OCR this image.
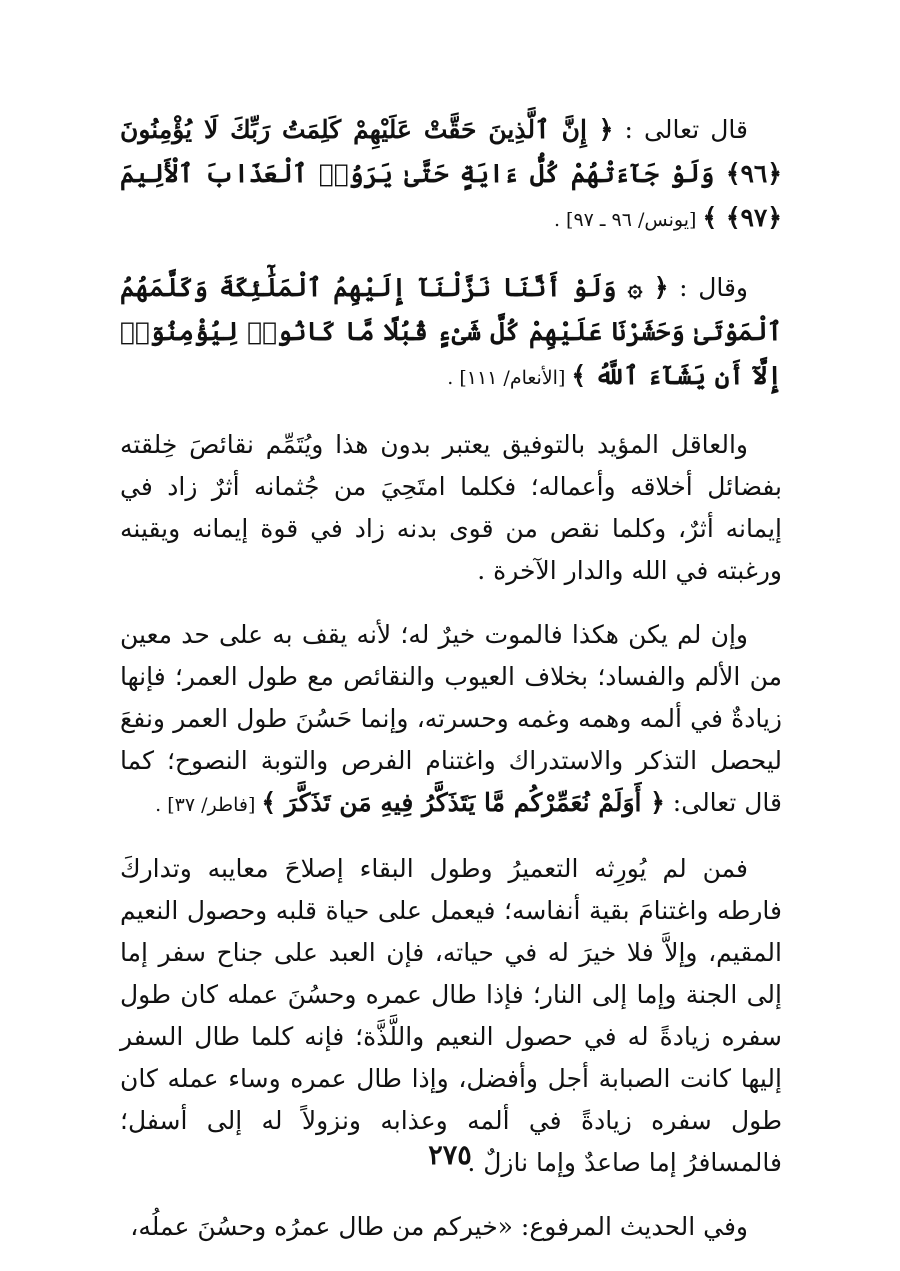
قال تعالى : ﴿ إِنَّ ٱلَّذِينَ حَقَّتْ عَلَيْهِمْ كَلِمَتُ رَبِّكَ لَا يُؤْمِنُونَ ﴿٩٦﴾ وَلَوْ جَآءَتْهُمْ كُلُّ ءَايَةٍ حَتَّىٰ يَرَوُا۟ ٱلْعَذَابَ ٱلْأَلِيمَ ﴿٩٧﴾ ﴾ [يونس/ ٩٦ ـ ٩٧] .

وقال : ﴿ ۞ وَلَوْ أَنَّنَا نَزَّلْنَآ إِلَيْهِمُ ٱلْمَلَٰٓئِكَةَ وَكَلَّمَهُمُ ٱلْمَوْتَىٰ وَحَشَرْنَا عَلَيْهِمْ كُلَّ شَىْءٍ قُبُلًا مَّا كَانُوا۟ لِيُؤْمِنُوٓا۟ إِلَّآ أَن يَشَآءَ ٱللَّهُ ﴾ [الأنعام/ ١١١] .

والعاقل المؤيد بالتوفيق يعتبر بدون هذا ويُتَمِّم نقائصَ خِلقته بفضائل أخلاقه وأعماله؛ فكلما امتَحِيَ من جُثمانه أثرٌ زاد في إيمانه أثرٌ، وكلما نقص من قوى بدنه زاد في قوة إيمانه ويقينه ورغبته في الله والدار الآخرة .

وإن لم يكن هكذا فالموت خيرٌ له؛ لأنه يقف به على حد معين من الألم والفساد؛ بخلاف العيوب والنقائص مع طول العمر؛ فإنها زيادةٌ في ألمه وهمه وغمه وحسرته، وإنما حَسُنَ طول العمر ونفعَ ليحصل التذكر والاستدراك واغتنام الفرص والتوبة النصوح؛ كما قال تعالى: ﴿ أَوَلَمْ نُعَمِّرْكُم مَّا يَتَذَكَّرُ فِيهِ مَن تَذَكَّرَ ﴾ [فاطر/ ٣٧] .

فمن لم يُورِثه التعميرُ وطول البقاء إصلاحَ معايبه وتداركَ فارطه واغتنامَ بقية أنفاسه؛ فيعمل على حياة قلبه وحصول النعيم المقيم، وإلاَّ فلا خيرَ له في حياته، فإن العبد على جناح سفر إما إلى الجنة وإما إلى النار؛ فإذا طال عمره وحسُنَ عمله كان طول سفره زيادةً له في حصول النعيم واللَّذَّة؛ فإنه كلما طال السفر إليها كانت الصبابة أجل وأفضل، وإذا طال عمره وساء عمله كان طول سفره زيادةً في ألمه وعذابه ونزولاً له إلى أسفل؛ فالمسافرُ إما صاعدٌ وإما نازلٌ .

وفي الحديث المرفوع: «خيركم من طال عمرُه وحسُنَ عملُه،

٢٧٥
